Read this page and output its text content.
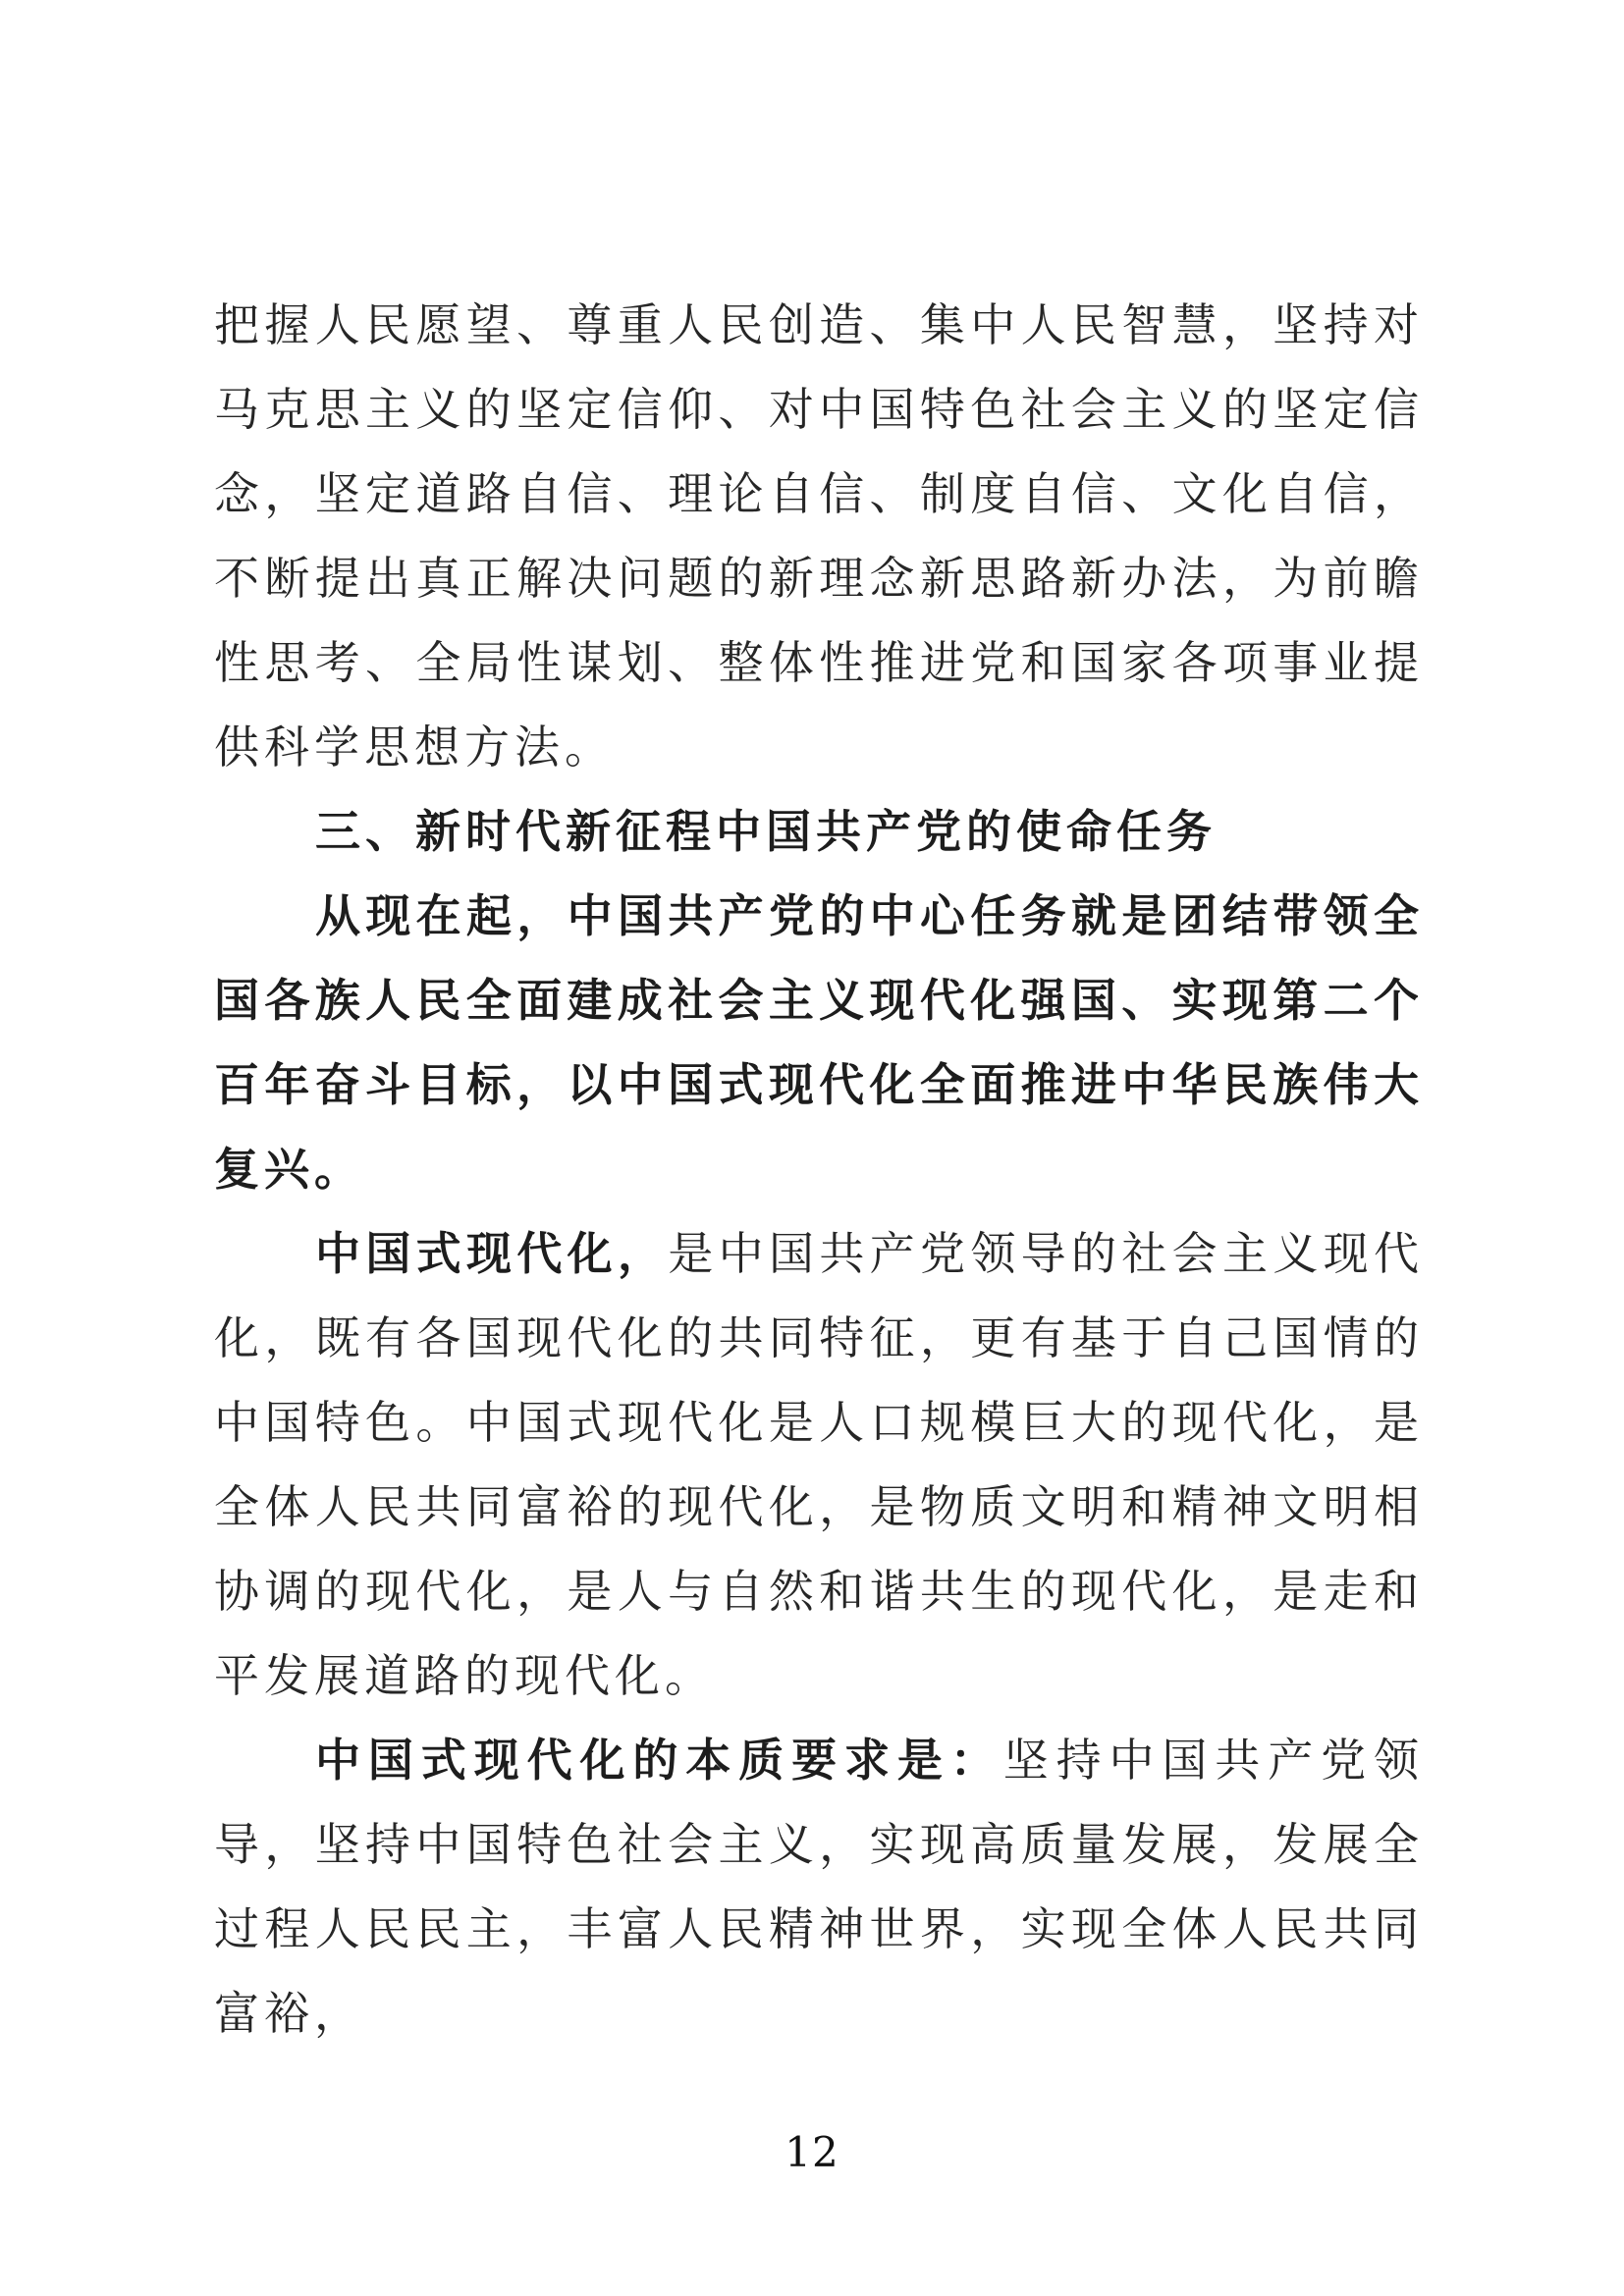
把握人民愿望、尊重人民创造、集中人民智慧，坚持对马克思主义的坚定信仰、对中国特色社会主义的坚定信念，坚定道路自信、理论自信、制度自信、文化自信，不断提出真正解决问题的新理念新思路新办法，为前瞻性思考、全局性谋划、整体性推进党和国家各项事业提供科学思想方法。

三、新时代新征程中国共产党的使命任务

从现在起，中国共产党的中心任务就是团结带领全国各族人民全面建成社会主义现代化强国、实现第二个百年奋斗目标，以中国式现代化全面推进中华民族伟大复兴。

中国式现代化，是中国共产党领导的社会主义现代化，既有各国现代化的共同特征，更有基于自己国情的中国特色。中国式现代化是人口规模巨大的现代化，是全体人民共同富裕的现代化，是物质文明和精神文明相协调的现代化，是人与自然和谐共生的现代化，是走和平发展道路的现代化。

中国式现代化的本质要求是：坚持中国共产党领导，坚持中国特色社会主义，实现高质量发展，发展全过程人民民主，丰富人民精神世界，实现全体人民共同富裕，

12
